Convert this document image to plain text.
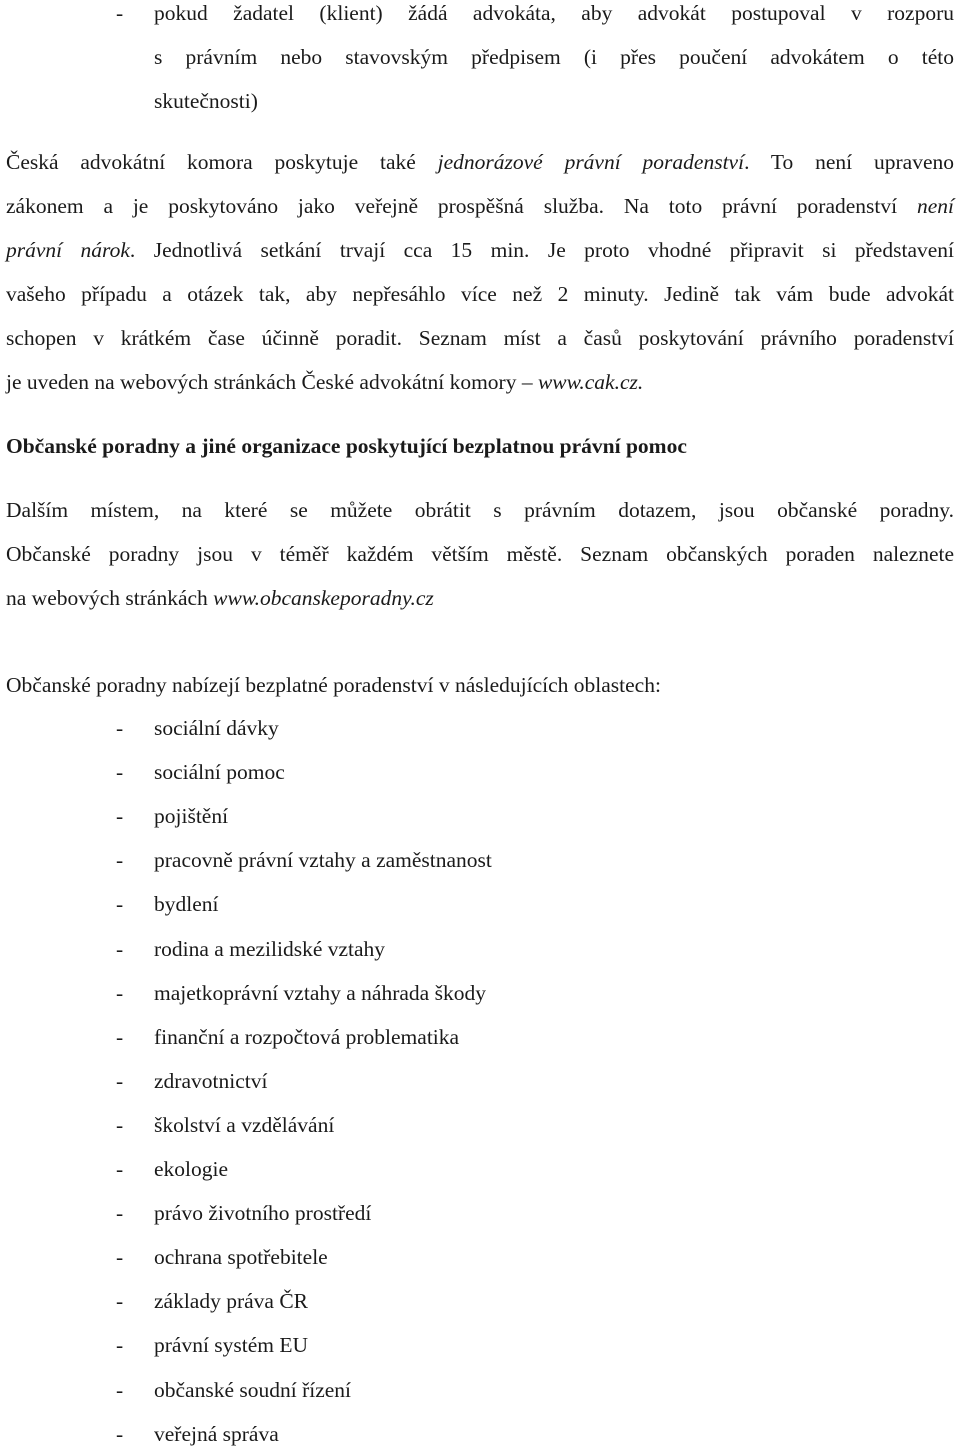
- pokud žadatel (klient) žádá advokáta, aby advokát postupoval v rozporu
s právním nebo stavovským předpisem (i přes poučení advokátem o této
skutečnosti)
Česká advokátní komora poskytuje také jednorázové právní poradenství. To není upraveno
zákonem a je poskytováno jako veřejně prospěšná služba. Na toto právní poradenství není
právní nárok. Jednotlivá setkání trvají cca 15 min. Je proto vhodné připravit si představení
vašeho případu a otázek tak, aby nepřesáhlo více než 2 minuty. Jedině tak vám bude advokát
schopen v krátkém čase účinně poradit. Seznam míst a časů poskytování právního poradenství
je uveden na webových stránkách České advokátní komory – www.cak.cz.
Občanské poradny a jiné organizace poskytující bezplatnou právní pomoc
Dalším místem, na které se můžete obrátit s právním dotazem, jsou občanské poradny.
Občanské poradny jsou v téměř každém větším městě. Seznam občanských poraden naleznete
na webových stránkách www.obcanskeporadny.cz
Občanské poradny nabízejí bezplatné poradenství v následujících oblastech:
- sociální dávky
- sociální pomoc
- pojištění
- pracovně právní vztahy a zaměstnanost
- bydlení
- rodina a mezilidské vztahy
- majetkoprávní vztahy a náhrada škody
- finanční a rozpočtová problematika
- zdravotnictví
- školství a vzdělávání
- ekologie
- právo životního prostředí
- ochrana spotřebitele
- základy práva ČR
- právní systém EU
- občanské soudní řízení
- veřejná správa
